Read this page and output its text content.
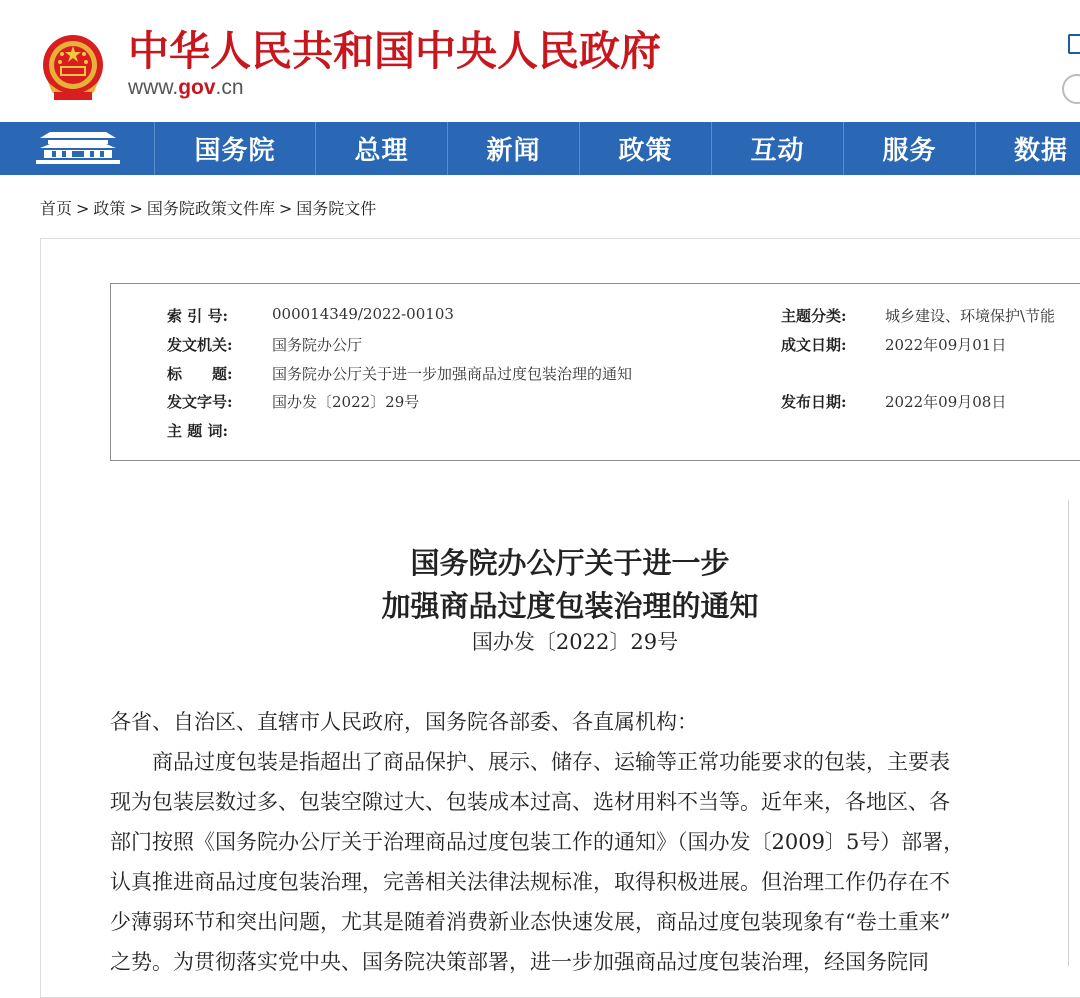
中华人民共和国中央人民政府
www.gov.cn
国务院	总理	新闻	政策	互动	服务	数据
首页 > 政策 > 国务院政策文件库 > 国务院文件
索 引 号:	000014349/2022-00103	主题分类:	城乡建设、环境保护\节能
发文机关:	国务院办公厅	成文日期:	2022年09月01日
标　　题:	国务院办公厅关于进一步加强商品过度包装治理的通知
发文字号:	国办发〔2022〕29号	发布日期:	2022年09月08日
主 题 词:
国务院办公厅关于进一步
加强商品过度包装治理的通知
国办发〔2022〕29号
各省、自治区、直辖市人民政府，国务院各部委、各直属机构：
　　商品过度包装是指超出了商品保护、展示、储存、运输等正常功能要求的包装，主要表
现为包装层数过多、包装空隙过大、包装成本过高、选材用料不当等。近年来，各地区、各
部门按照《国务院办公厅关于治理商品过度包装工作的通知》（国办发〔2009〕5号）部署，
认真推进商品过度包装治理，完善相关法律法规标准，取得积极进展。但治理工作仍存在不
少薄弱环节和突出问题，尤其是随着消费新业态快速发展，商品过度包装现象有“卷土重来”
之势。为贯彻落实党中央、国务院决策部署，进一步加强商品过度包装治理，经国务院同
